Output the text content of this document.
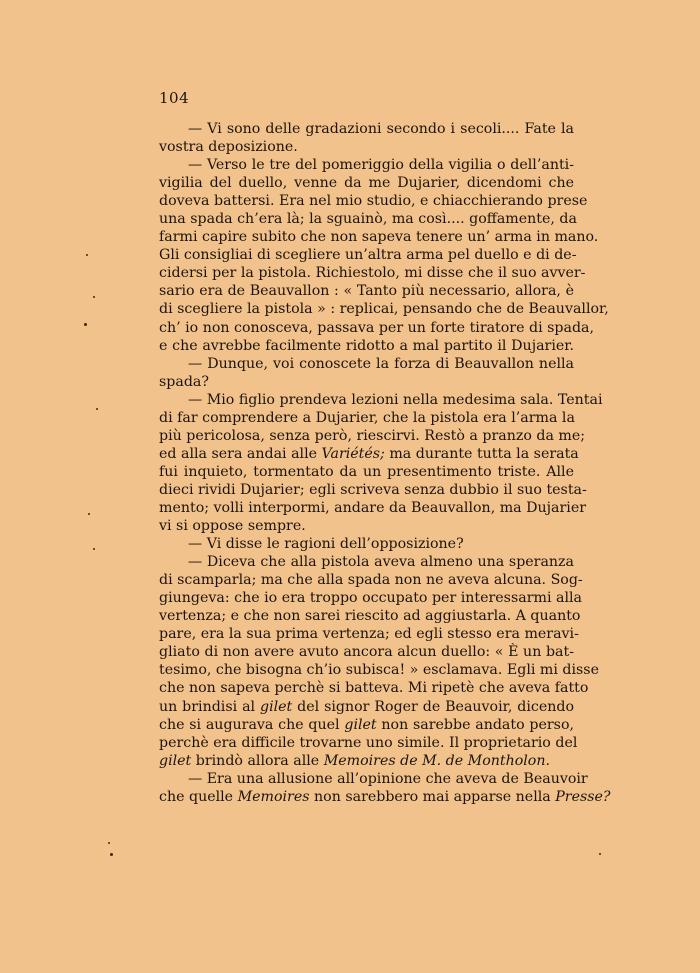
104
— Vi sono delle gradazioni secondo i secoli.... Fate la
vostra deposizione.
— Verso le tre del pomeriggio della vigilia o dell’anti-
vigilia del duello, venne da me Dujarier, dicendomi che
doveva battersi. Era nel mio studio, e chiacchierando prese
una spada ch’era là; la sguainò, ma così.... goffamente, da
farmi capire subito che non sapeva tenere un’ arma in mano.
Gli consigliai di scegliere un’altra arma pel duello e di de-
cidersi per la pistola. Richiestolo, mi disse che il suo avver-
sario era de Beauvallon : « Tanto più necessario, allora, è
di scegliere la pistola » : replicai, pensando che de Beauvallor,
ch’ io non conosceva, passava per un forte tiratore di spada,
e che avrebbe facilmente ridotto a mal partito il Dujarier.
— Dunque, voi conoscete la forza di Beauvallon nella
spada?
— Mio figlio prendeva lezioni nella medesima sala. Tentai
di far comprendere a Dujarier, che la pistola era l’arma la
più pericolosa, senza però, riescirvi. Restò a pranzo da me;
ed alla sera andai alle Variétés; ma durante tutta la serata
fui inquieto, tormentato da un presentimento triste. Alle
dieci rividi Dujarier; egli scriveva senza dubbio il suo testa-
mento; volli interpormi, andare da Beauvallon, ma Dujarier
vi si oppose sempre.
— Vi disse le ragioni dell’opposizione?
— Diceva che alla pistola aveva almeno una speranza
di scamparla; ma che alla spada non ne aveva alcuna. Sog-
giungeva: che io era troppo occupato per interessarmi alla
vertenza; e che non sarei riescito ad aggiustarla. A quanto
pare, era la sua prima vertenza; ed egli stesso era meravi-
gliato di non avere avuto ancora alcun duello: « È un bat-
tesimo, che bisogna ch’io subisca! » esclamava. Egli mi disse
che non sapeva perchè si batteva. Mi ripetè che aveva fatto
un brindisi al gilet del signor Roger de Beauvoir, dicendo
che si augurava che quel gilet non sarebbe andato perso,
perchè era difficile trovarne uno simile. Il proprietario del
gilet brindò allora alle Memoires de M. de Montholon.
— Era una allusione all’opinione che aveva de Beauvoir
che quelle Memoires non sarebbero mai apparse nella Presse?
